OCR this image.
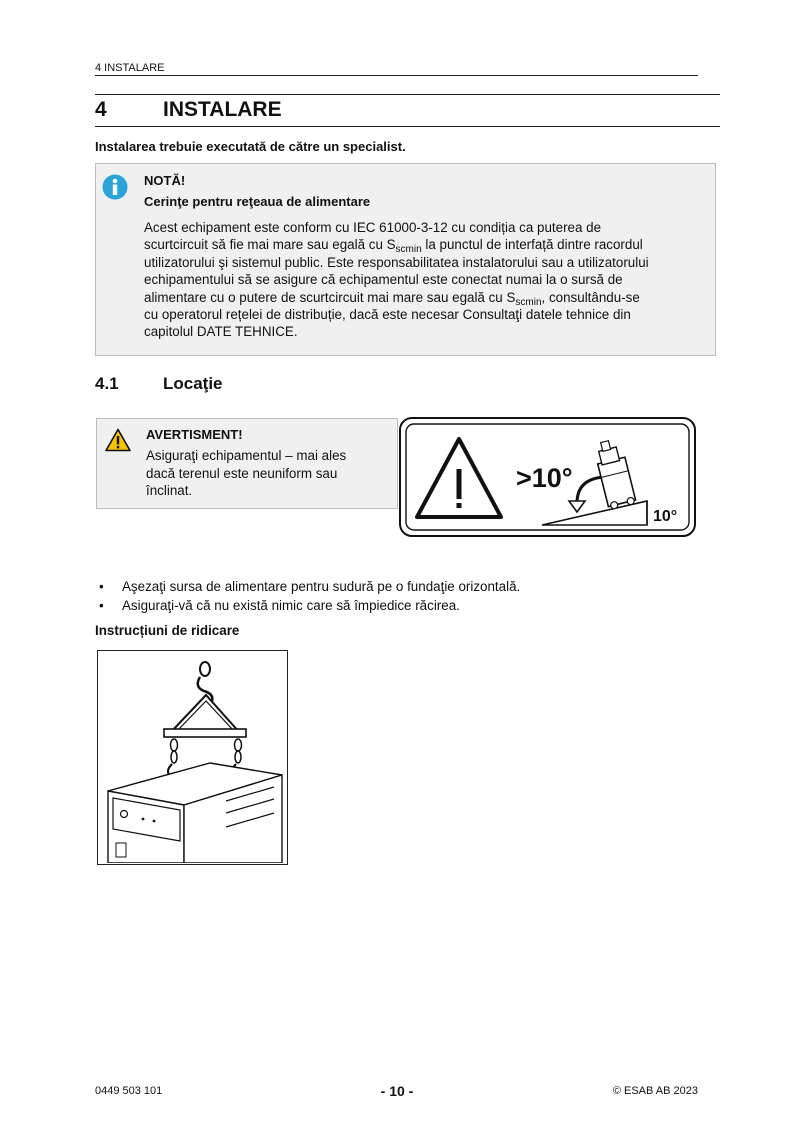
4 INSTALARE
4	INSTALARE
Instalarea trebuie executată de către un specialist.
NOTĂ!
Cerinţe pentru reţeaua de alimentare
Acest echipament este conform cu IEC 61000-3-12 cu condiția ca puterea de
scurtcircuit să fie mai mare sau egală cu $S_{scmin}$ la punctul de interfață dintre racordul
utilizatorului şi sistemul public. Este responsabilitatea instalatorului sau a utilizatorului
echipamentului să se asigure că echipamentul este conectat numai la o sursă de
alimentare cu o putere de scurtcircuit mai mare sau egală cu $S_{scmin}$, consultându-se
cu operatorul rețelei de distribuție, dacă este necesar Consultaţi datele tehnice din
capitolul DATE TEHNICE.
4.1	Locaţie
AVERTISMENT!
Asiguraţi echipamentul – mai ales
dacă terenul este neuniform sau
înclinat.	>10°
10°
• Aşezaţi sursa de alimentare pentru sudură pe o fundaţie orizontală.
• Asiguraţi-vă că nu există nimic care să împiedice răcirea.
Instrucțiuni de ridicare
0449 503 101	- 10 -	© ESAB AB 2023
